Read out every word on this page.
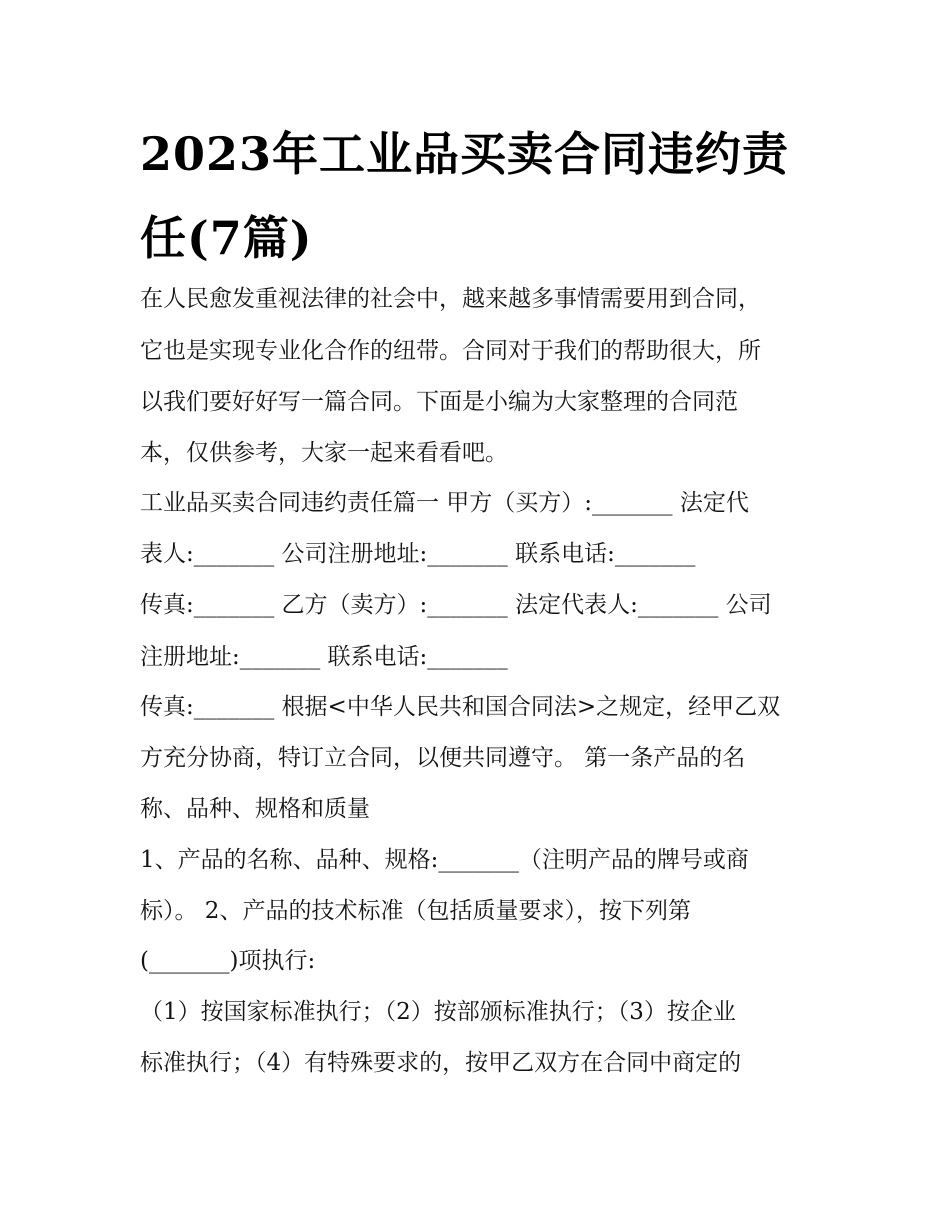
2023年工业品买卖合同违约责
任(7篇)

在人民愈发重视法律的社会中，越来越多事情需要用到合同，

它也是实现专业化合作的纽带。合同对于我们的帮助很大，所

以我们要好好写一篇合同。下面是小编为大家整理的合同范

本，仅供参考，大家一起来看看吧。

工业品买卖合同违约责任篇一 甲方（买方）:_______ 法定代

表人:_______ 公司注册地址:_______ 联系电话:_______

传真:_______ 乙方（卖方）:_______ 法定代表人:_______ 公司

注册地址:_______ 联系电话:_______

传真:_______ 根据<中华人民共和国合同法>之规定，经甲乙双

方充分协商，特订立合同，以便共同遵守。 第一条产品的名

称、品种、规格和质量

1、产品的名称、品种、规格:_______（注明产品的牌号或商

标）。 2、产品的技术标准（包括质量要求），按下列第

(_______)项执行:

（1）按国家标准执行；（2）按部颁标准执行；（3）按企业

标准执行；（4）有特殊要求的，按甲乙双方在合同中商定的
